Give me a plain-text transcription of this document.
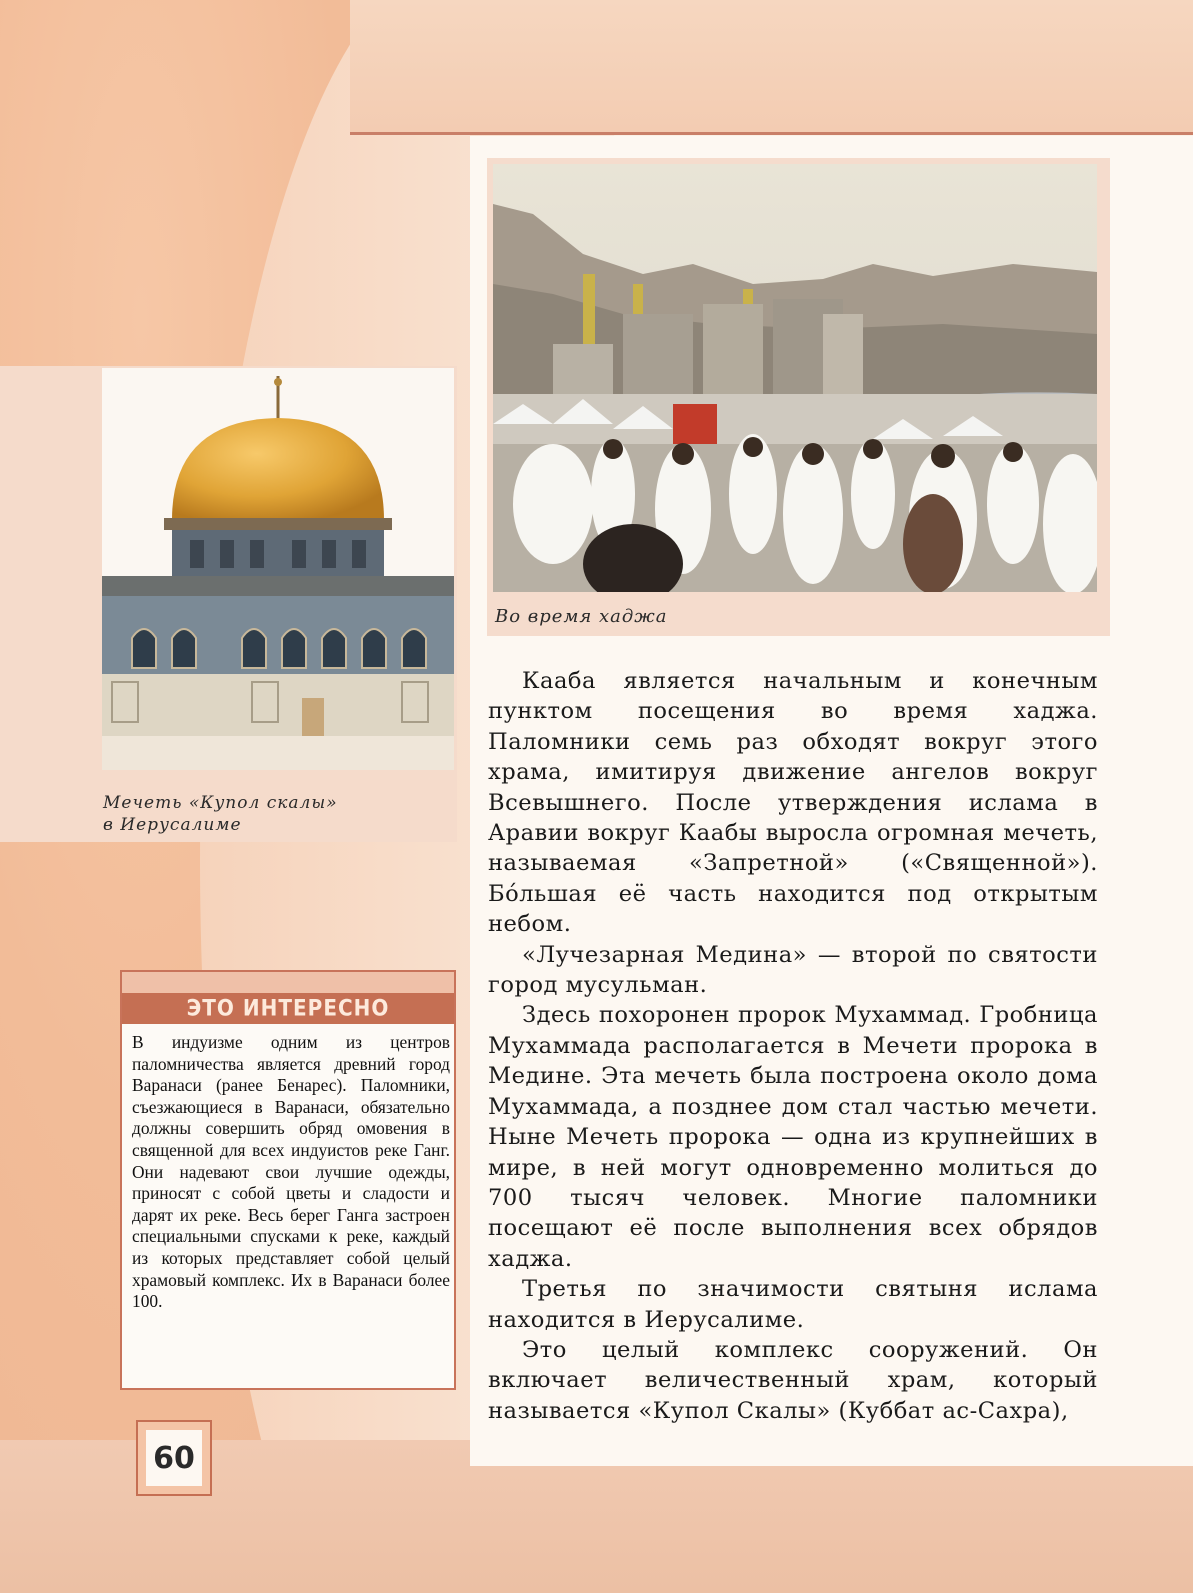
Во время хаджа
Мечеть «Купол скалы»
в Иерусалиме
ЭТО ИНТЕРЕСНО

В индуизме одним из центров паломничества является древний город Варанаси (ранее Бенарес). Паломники, съезжающиеся в Варанаси, обязательно должны совершить обряд омовения в священной для всех индуистов реке Ганг. Они надевают свои лучшие одежды, приносят с собой цветы и сладости и дарят их реке. Весь берег Ганга застроен специальными спусками к реке, каждый из которых представляет собой целый храмовый комплекс. Их в Варанаси более 100.

Кааба является начальным и конечным пунктом посещения во время хаджа. Паломники семь раз обходят вокруг этого храма, имитируя движение ангелов вокруг Всевышнего. После утверждения ислама в Аравии вокруг Каабы выросла огромная мечеть, называемая «Запретной» («Священной»). Бо́льшая её часть находится под открытым небом.

«Лучезарная Медина» — второй по святости город мусульман.

Здесь похоронен пророк Мухаммад. Гробница Мухаммада располагается в Мечети пророка в Медине. Эта мечеть была построена около дома Мухаммада, а позднее дом стал частью мечети. Ныне Мечеть пророка — одна из крупнейших в мире, в ней могут одновременно молиться до 700 тысяч человек. Многие паломники посещают её после выполнения всех обрядов хаджа.

Третья по значимости святыня ислама находится в Иерусалиме.

Это целый комплекс сооружений. Он включает величественный храм, который называется «Купол Скалы» (Куббат ас-Сахра),

60
